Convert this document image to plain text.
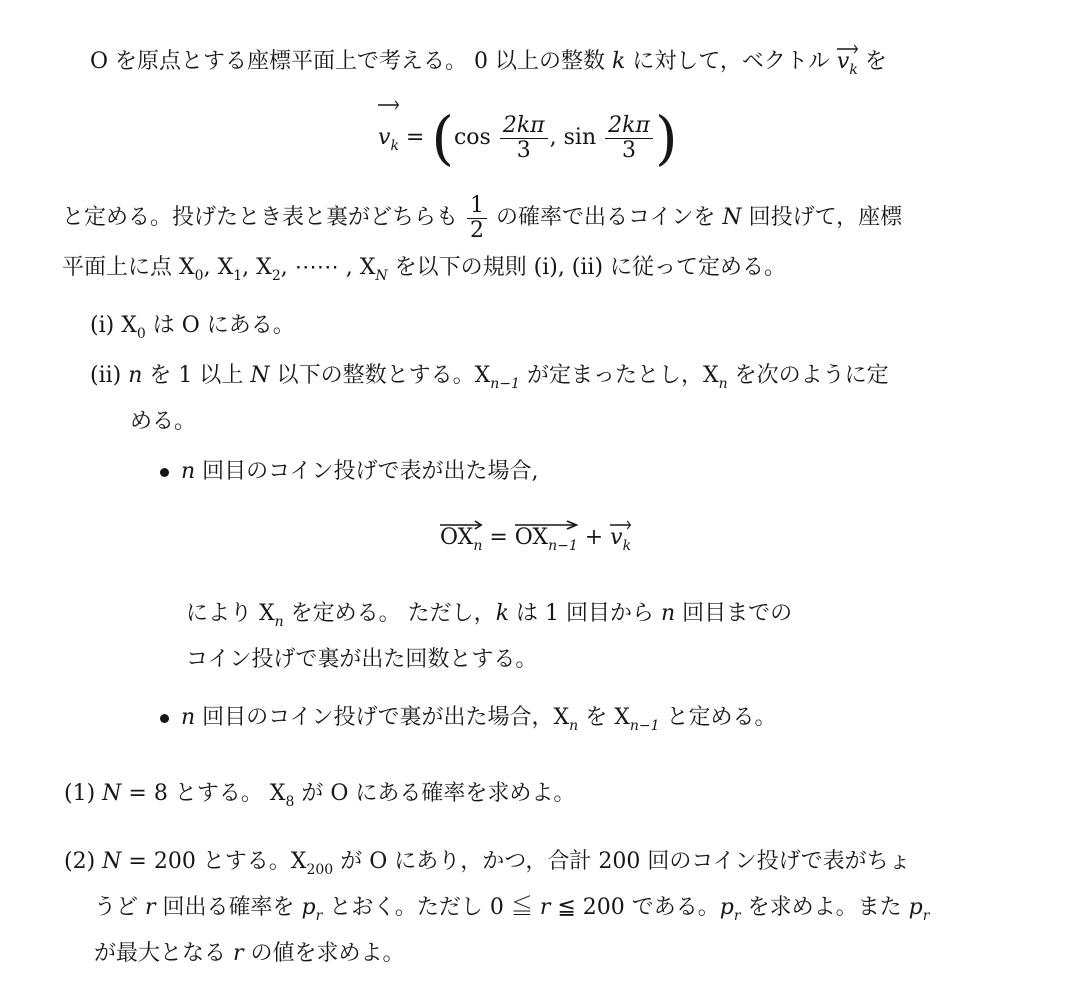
O を原点とする座標平面上で考える。 0 以上の整数 k に対して，ベクトル
$v_k$ を
$v_k = (\cos \frac{2k\pi}{3}$ , $\sin \frac{2k\pi}{3}$ )
と定める。投げたとき表と裏がどちらも $\frac{1}{2}$ の確率で出るコインを N 回投げて，座標
平面上に点 $X_0$, $X_1$, $X_2$, ⋯⋯ , $X_N$ を以下の規則 (i), (ii) に従って定める。
(i) $X_0$ は O にある。
(ii) n を 1 以上 N 以下の整数とする。$X_{n-1}$ が定まったとし，$X_n$ を次のように定
める。
n 回目のコイン投げで表が出た場合,
$OX_n$ =
$OX_{n-1}$ +
$v_k$
により $X_n$ を定める。 ただし，k は 1 回目から n 回目までの
コイン投げで裏が出た回数とする。
n 回目のコイン投げで裏が出た場合，$X_n$ を $X_{n-1}$ と定める。
(1) N = 8 とする。 $X_8$ が O にある確率を求めよ。
(2) N = 200 とする。$X_{200}$ が O にあり，かつ，合計 200 回のコイン投げで表がちょ
うど r 回出る確率を $p_r$ とおく。ただし 0 ≦ r ≦ 200 である。$p_r$ を求めよ。また $p_r$
が最大となる r の値を求めよ。
